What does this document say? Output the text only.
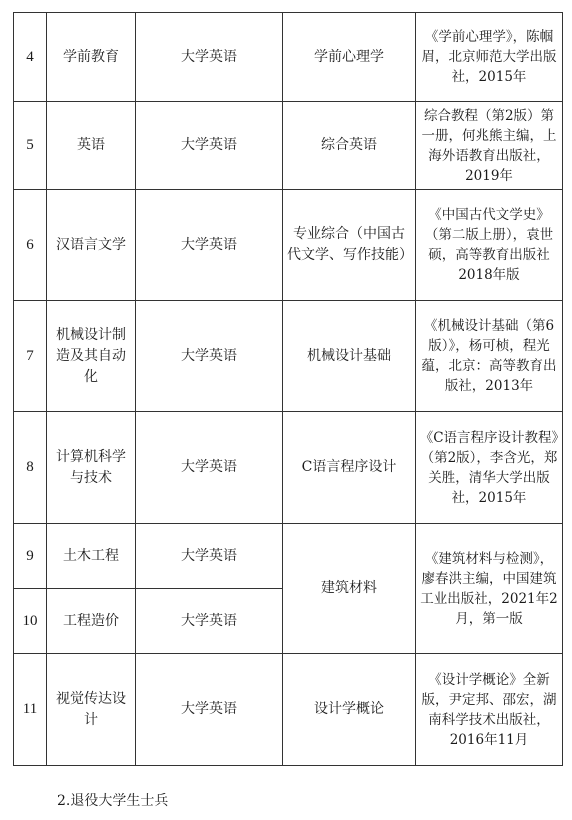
4	学前教育	大学英语	学前心理学	《学前心理学》，陈帼眉，北京师范大学出版社，2015年
5	英语	大学英语	综合英语	综合教程（第2版）第一册，何兆熊主编，上海外语教育出版社，2019年
6	汉语言文学	大学英语	专业综合（中国古代文学、写作技能）	《中国古代文学史》（第二版上册），袁世硕，高等教育出版社2018年版
7	机械设计制造及其自动化	大学英语	机械设计基础	《机械设计基础（第6版）》，杨可桢，程光蕴，北京：高等教育出版社，2013年
8	计算机科学与技术	大学英语	C语言程序设计	《C语言程序设计教程》（第2版），李含光，郑关胜，清华大学出版社，2015年
9	土木工程	大学英语	建筑材料	《建筑材料与检测》，廖春洪主编，中国建筑工业出版社，2021年2月，第一版
10	工程造价	大学英语		
11	视觉传达设计	大学英语	设计学概论	《设计学概论》全新版，尹定邦、邵宏，湖南科学技术出版社，2016年11月
2.退役大学生士兵
